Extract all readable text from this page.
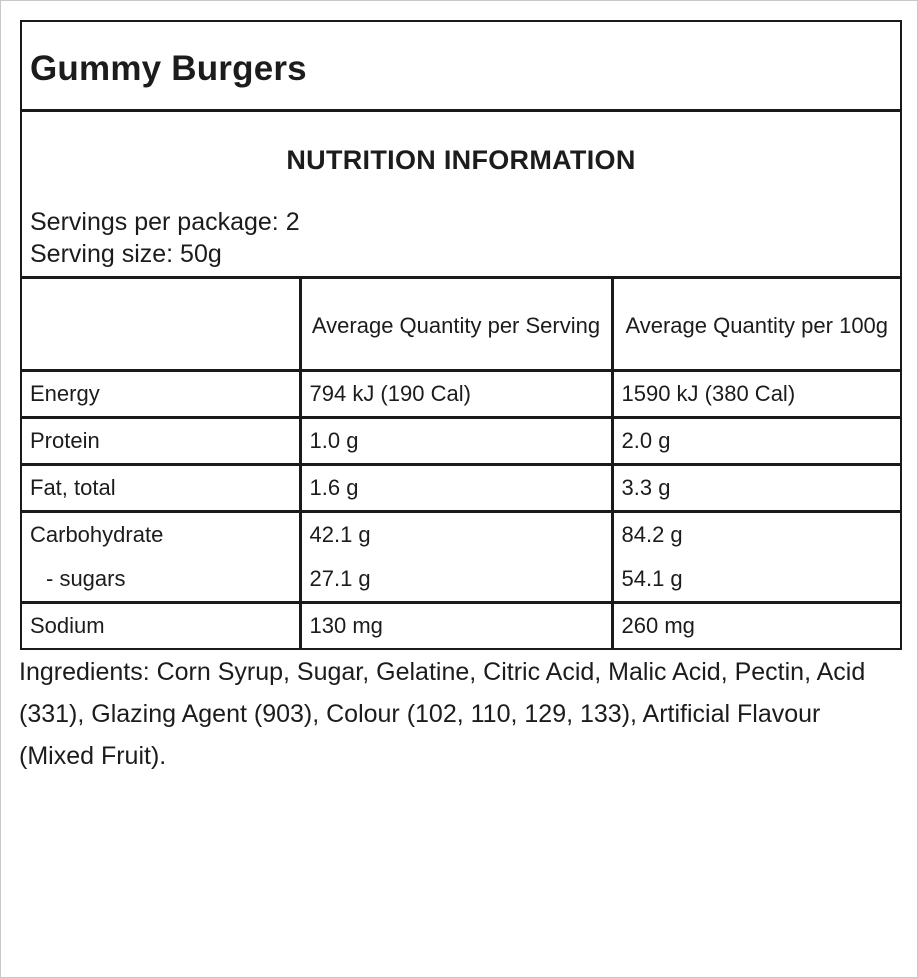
Gummy Burgers
NUTRITION INFORMATION
Servings per package: 2
Serving size: 50g
	Average Quantity per Serving	Average Quantity per 100g
Energy	794 kJ (190 Cal)	1590 kJ (380 Cal)
Protein	1.0 g	2.0 g
Fat, total	1.6 g	3.3 g
Carbohydrate	42.1 g	84.2 g
- sugars	27.1 g	54.1 g
Sodium	130 mg	260 mg
Ingredients: Corn Syrup, Sugar, Gelatine, Citric Acid, Malic Acid, Pectin, Acid (331), Glazing Agent (903), Colour (102, 110, 129, 133), Artificial Flavour (Mixed Fruit).
